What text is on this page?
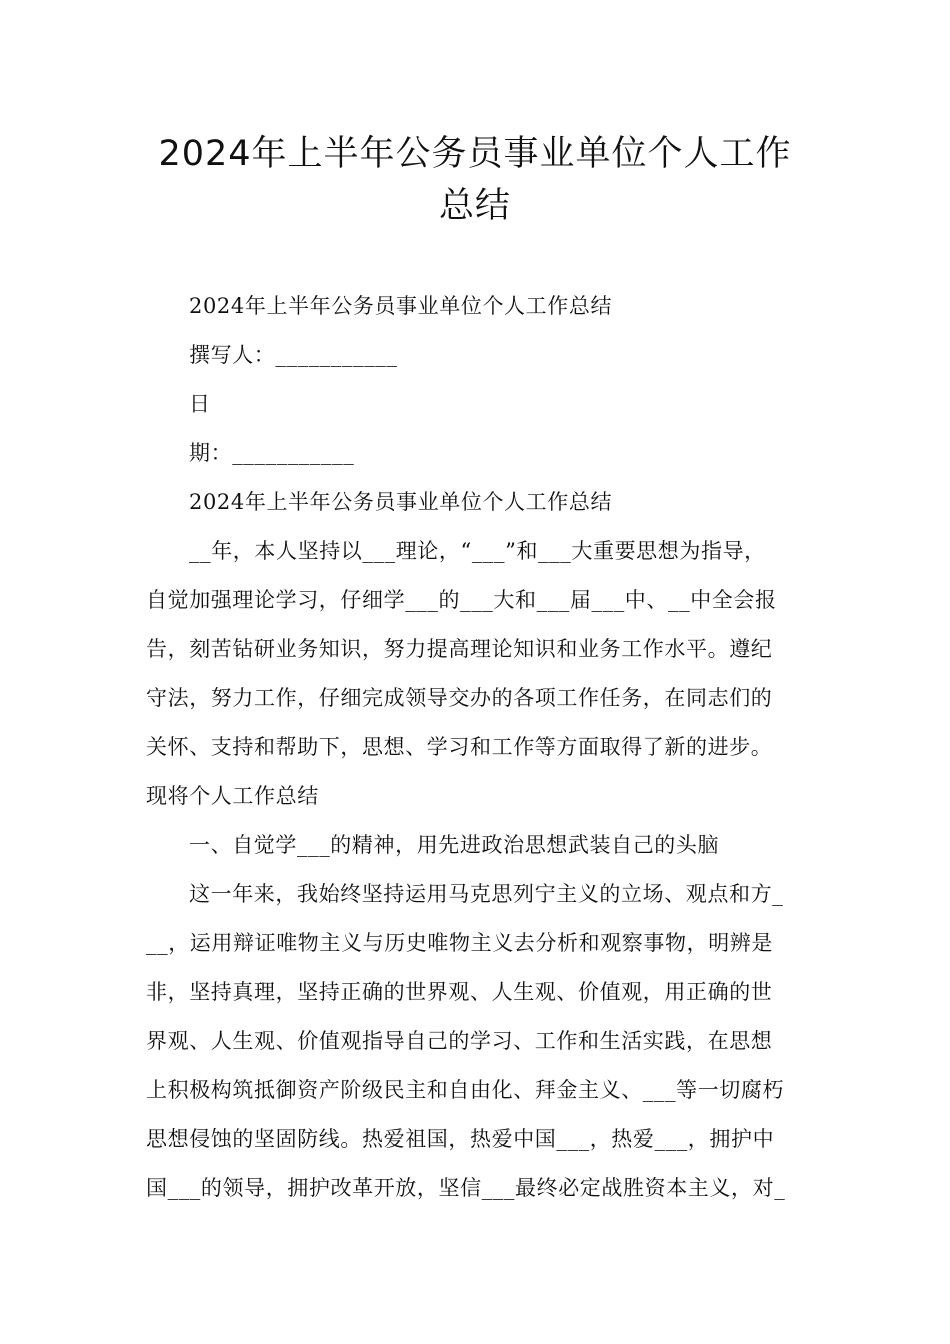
2024年上半年公务员事业单位个人工作
总结
2024年上半年公务员事业单位个人工作总结
撰写人：___________
日
期：___________
2024年上半年公务员事业单位个人工作总结
__年，本人坚持以___理论，“___”和___大重要思想为指导，
自觉加强理论学习，仔细学___的___大和___届___中、__中全会报
告，刻苦钻研业务知识，努力提高理论知识和业务工作水平。遵纪
守法，努力工作，仔细完成领导交办的各项工作任务，在同志们的
关怀、支持和帮助下，思想、学习和工作等方面取得了新的进步。
现将个人工作总结
一、自觉学___的精神，用先进政治思想武装自己的头脑
这一年来，我始终坚持运用马克思列宁主义的立场、观点和方_
__，运用辩证唯物主义与历史唯物主义去分析和观察事物，明辨是
非，坚持真理，坚持正确的世界观、人生观、价值观，用正确的世
界观、人生观、价值观指导自己的学习、工作和生活实践，在思想
上积极构筑抵御资产阶级民主和自由化、拜金主义、___等一切腐朽
思想侵蚀的坚固防线。热爱祖国，热爱中国___，热爱___，拥护中
国___的领导，拥护改革开放，坚信___最终必定战胜资本主义，对_
